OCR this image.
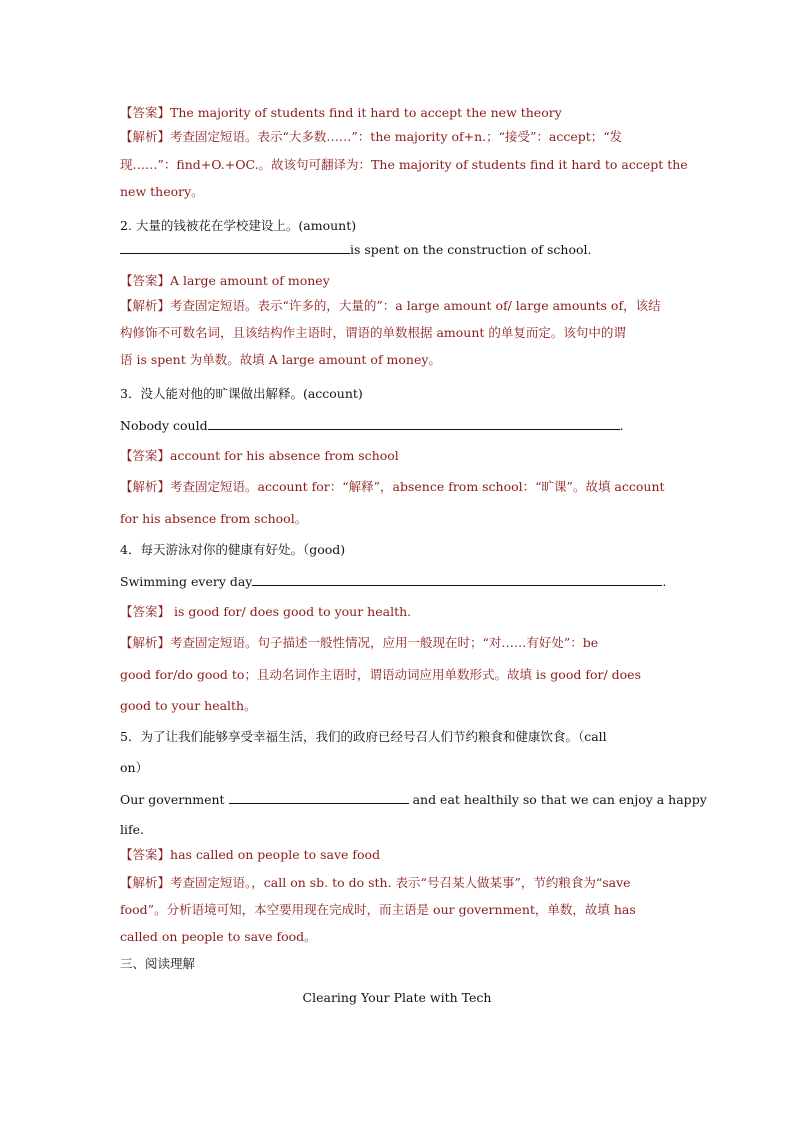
【答案】The majority of students find it hard to accept the new theory
【解析】考查固定短语。表示“大多数……”：the majority of+n.；“接受”：accept；“发
现……”：find+O.+OC.。故该句可翻译为：The majority of students find it hard to accept the
new theory。
2. 大量的钱被花在学校建设上。(amount)
is spent on the construction of school.
【答案】A large amount of money
【解析】考查固定短语。表示“许多的，大量的”：a large amount of/ large amounts of，该结
构修饰不可数名词，且该结构作主语时，谓语的单数根据 amount 的单复而定。该句中的谓
语 is spent 为单数。故填 A large amount of money。
3．没人能对他的旷课做出解释。(account)
Nobody could	.
【答案】account for his absence from school
【解析】考查固定短语。account for：“解释”，absence from school：“旷课”。故填 account
for his absence from school。
4．每天游泳对你的健康有好处。（good)
Swimming every day	.
【答案】 is good for/ does good to your health.
【解析】考查固定短语。句子描述一般性情况，应用一般现在时；“对……有好处”：be
good for/do good to；且动名词作主语时，谓语动词应用单数形式。故填 is good for/ does
good to your health。
5．为了让我们能够享受幸福生活，我们的政府已经号召人们节约粮食和健康饮食。（call
on）
Our government	and eat healthily so that we can enjoy a happy
life.
【答案】has called on people to save food
【解析】考查固定短语。，call on sb. to do sth. 表示“号召某人做某事”，节约粮食为“save
food”。分析语境可知，本空要用现在完成时，而主语是 our government，单数，故填 has
called on people to save food。
三、阅读理解
Clearing Your Plate with Tech
